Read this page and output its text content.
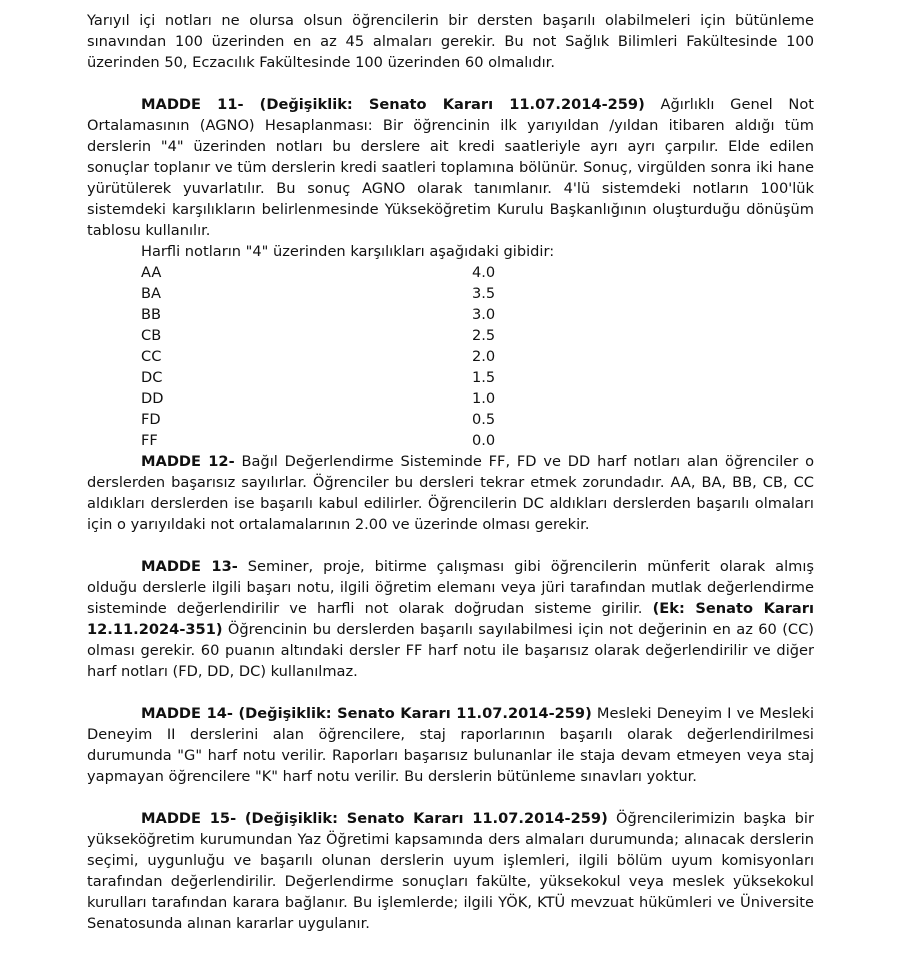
Yarıyıl içi notları ne olursa olsun öğrencilerin bir dersten başarılı olabilmeleri için bütünleme sınavından 100 üzerinden en az 45 almaları gerekir. Bu not Sağlık Bilimleri Fakültesinde 100 üzerinden 50, Eczacılık Fakültesinde 100 üzerinden 60 olmalıdır.

MADDE 11- (Değişiklik: Senato Kararı 11.07.2014-259) Ağırlıklı Genel Not Ortalamasının (AGNO) Hesaplanması: Bir öğrencinin ilk yarıyıldan /yıldan itibaren aldığı tüm derslerin "4" üzerinden notları bu derslere ait kredi saatleriyle ayrı ayrı çarpılır. Elde edilen sonuçlar toplanır ve tüm derslerin kredi saatleri toplamına bölünür. Sonuç, virgülden sonra iki hane yürütülerek yuvarlatılır. Bu sonuç AGNO olarak tanımlanır. 4'lü sistemdeki notların 100'lük sistemdeki karşılıkların belirlenmesinde Yükseköğretim Kurulu Başkanlığının oluşturduğu dönüşüm tablosu kullanılır.

Harfli notların "4" üzerinden karşılıkları aşağıdaki gibidir:

AA	4.0
BA	3.5
BB	3.0
CB	2.5
CC	2.0
DC	1.5
DD	1.0
FD	0.5
FF	0.0

MADDE 12- Bağıl Değerlendirme Sisteminde FF, FD ve DD harf notları alan öğrenciler o derslerden başarısız sayılırlar. Öğrenciler bu dersleri tekrar etmek zorundadır. AA, BA, BB, CB, CC aldıkları derslerden ise başarılı kabul edilirler. Öğrencilerin DC aldıkları derslerden başarılı olmaları için o yarıyıldaki not ortalamalarının 2.00 ve üzerinde olması gerekir.

MADDE 13- Seminer, proje, bitirme çalışması gibi öğrencilerin münferit olarak almış olduğu derslerle ilgili başarı notu, ilgili öğretim elemanı veya jüri tarafından mutlak değerlendirme sisteminde değerlendirilir ve harfli not olarak doğrudan sisteme girilir. (Ek: Senato Kararı 12.11.2024-351) Öğrencinin bu derslerden başarılı sayılabilmesi için not değerinin en az 60 (CC) olması gerekir. 60 puanın altındaki dersler FF harf notu ile başarısız olarak değerlendirilir ve diğer harf notları (FD, DD, DC) kullanılmaz.

MADDE 14- (Değişiklik: Senato Kararı 11.07.2014-259) Mesleki Deneyim I ve Mesleki Deneyim II derslerini alan öğrencilere, staj raporlarının başarılı olarak değerlendirilmesi durumunda "G" harf notu verilir. Raporları başarısız bulunanlar ile staja devam etmeyen veya staj yapmayan öğrencilere "K" harf notu verilir. Bu derslerin bütünleme sınavları yoktur.

MADDE 15- (Değişiklik: Senato Kararı 11.07.2014-259) Öğrencilerimizin başka bir yükseköğretim kurumundan Yaz Öğretimi kapsamında ders almaları durumunda; alınacak derslerin seçimi, uygunluğu ve başarılı olunan derslerin uyum işlemleri, ilgili bölüm uyum komisyonları tarafından değerlendirilir. Değerlendirme sonuçları fakülte, yüksekokul veya meslek yüksekokul kurulları tarafından karara bağlanır. Bu işlemlerde; ilgili YÖK, KTÜ mevzuat hükümleri ve Üniversite Senatosunda alınan kararlar uygulanır.
